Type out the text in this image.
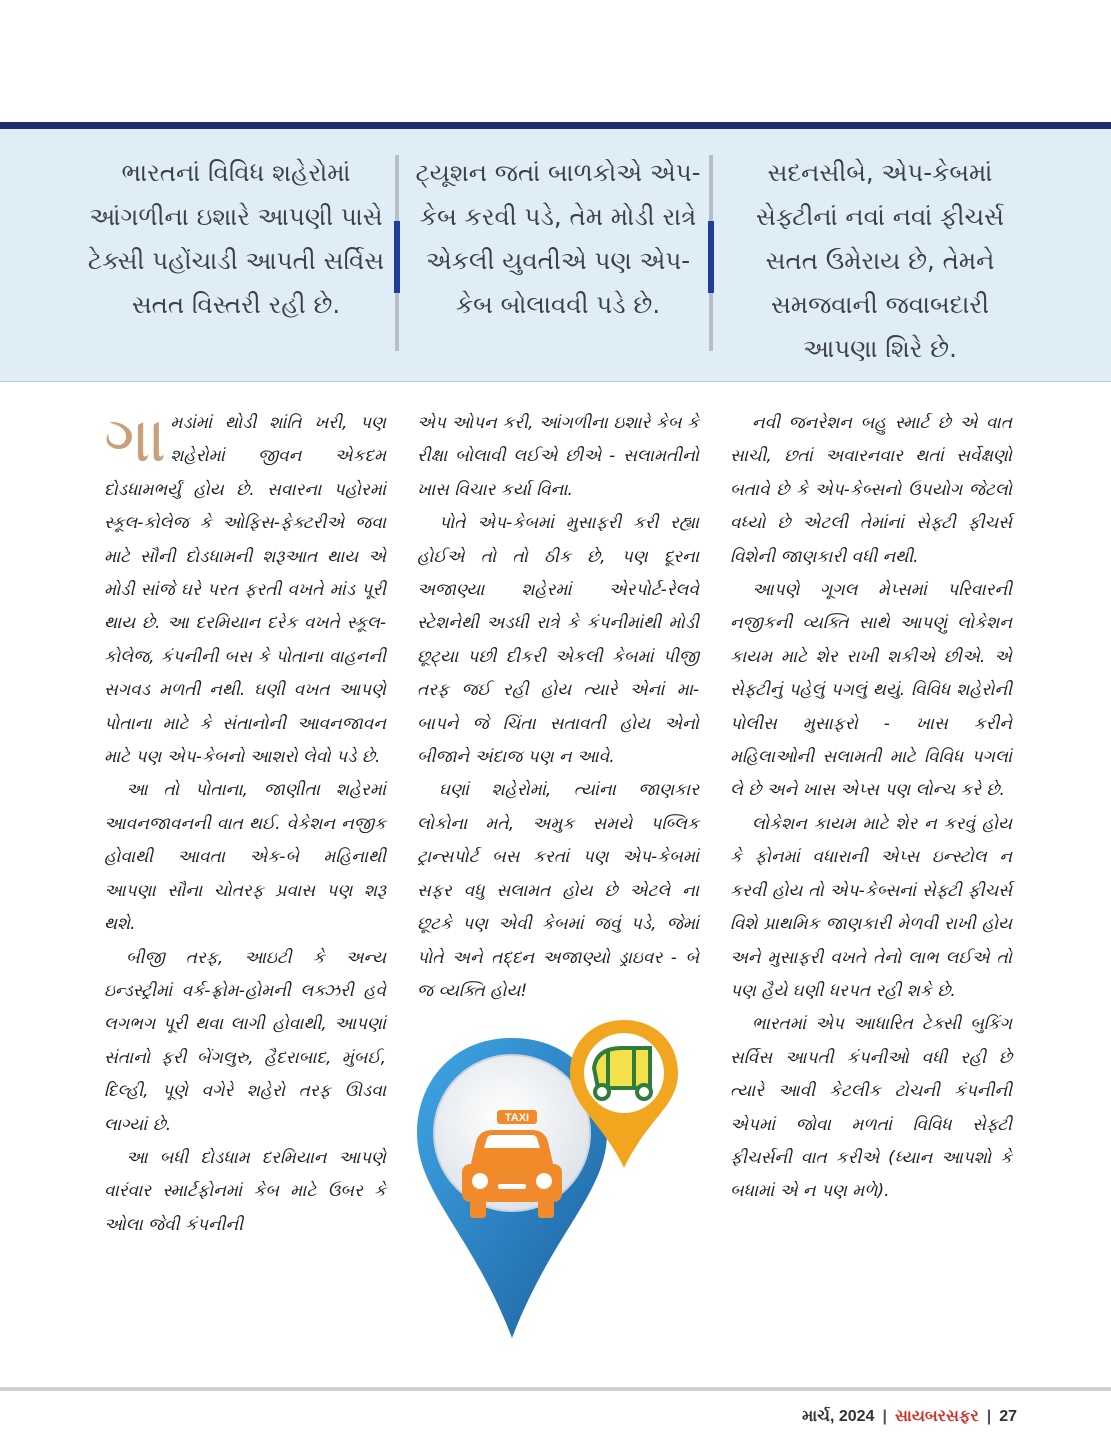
ભારતનાં વિવિધ શહેરોમાં આંગળીના ઇશારે આપણી પાસે ટેક્સી પહોંચાડી આપતી સર્વિસ સતત વિસ્તરી રહી છે.
ટ્યૂશન જતાં બાળકોએ એપ-કેબ કરવી પડે, તેમ મોડી રાત્રે એકલી યુવતીએ પણ એપ-કેબ બોલાવવી પડે છે.
સદનસીબે, એપ-કેબમાં સેફ્ટીનાં નવાં નવાં ફીચર્સ સતત ઉમેરાય છે, તેમને સમજવાની જવાબદારી આપણા શિરે છે.

ગામડાંમાં થોડી શાંતિ ખરી, પણ શહેરોમાં જીવન એકદમ દોડધામભર્યું હોય છે. સવારના પહોરમાં સ્કૂલ-કોલેજ કે ઓફિસ-ફેક્ટરીએ જવા માટે સૌની દોડધામની શરૂઆત થાય એ મોડી સાંજે ઘરે પરત ફરતી વખતે માંડ પૂરી થાય છે. આ દરમિયાન દરેક વખતે સ્કૂલ-કોલેજ, કંપનીની બસ કે પોતાના વાહનની સગવડ મળતી નથી. ઘણી વખત આપણે પોતાના માટે કે સંતાનોની આવનજાવન માટે પણ એપ-કેબનો આશરો લેવો પડે છે.

આ તો પોતાના, જાણીતા શહેરમાં આવનજાવનની વાત થઈ. વેકેશન નજીક હોવાથી આવતા એક-બે મહિનાથી આપણા સૌના ચોતરફ પ્રવાસ પણ શરૂ થશે.

બીજી તરફ, આઇટી કે અન્ય ઇન્ડસ્ટ્રીમાં વર્ક-ફ્રોમ-હોમની લક્ઝરી હવે લગભગ પૂરી થવા લાગી હોવાથી, આપણાં સંતાનો ફરી બેંગલુરુ, હૈદરાબાદ, મુંબઈ, દિલ્હી, પૂણે વગેરે શહેરો તરફ ઊડવા લાગ્યાં છે.

આ બધી દોડધામ દરમિયાન આપણે વારંવાર સ્માર્ટફોનમાં કેબ માટે ઉબર કે ઓલા જેવી કંપનીની

એપ ઓપન કરી, આંગળીના ઇશારે કેબ કે રીક્ષા બોલાવી લઈએ છીએ - સલામતીનો ખાસ વિચાર કર્યા વિના.

પોતે એપ-કેબમાં મુસાફરી કરી રહ્યા હોઈએ તો તો ઠીક છે, પણ દૂરના અજાણ્યા શહેરમાં એરપોર્ટ-રેલવે સ્ટેશનેથી અડધી રાત્રે કે કંપનીમાંથી મોડી છૂટ્યા પછી દીકરી એકલી કેબમાં પીજી તરફ જઈ રહી હોય ત્યારે એનાં મા-બાપને જે ચિંતા સતાવતી હોય એનો બીજાને અંદાજ પણ ન આવે.

ઘણાં શહેરોમાં, ત્યાંના જાણકાર લોકોના મતે, અમુક સમયે પબ્લિક ટ્રાન્સપોર્ટ બસ કરતાં પણ એપ-કેબમાં સફર વધુ સલામત હોય છે એટલે ના છૂટકે પણ એવી કેબમાં જવું પડે, જેમાં પોતે અને તદ્દન અજાણ્યો ડ્રાઇવર - બે જ વ્યક્તિ હોય!

નવી જનરેશન બહુ સ્માર્ટ છે એ વાત સાચી, છતાં અવારનવાર થતાં સર્વેક્ષણો બતાવે છે કે એપ-કેબ્સનો ઉપયોગ જેટલો વધ્યો છે એટલી તેમાંનાં સેફ્ટી ફીચર્સ વિશેની જાણકારી વધી નથી.

આપણે ગૂગલ મેપ્સમાં પરિવારની નજીકની વ્યક્તિ સાથે આપણું લોકેશન કાયમ માટે શેર રાખી શકીએ છીએ. એ સેફ્ટીનું પહેલું પગલું થયું. વિવિધ શહેરોની પોલીસ મુસાફરો - ખાસ કરીને મહિલાઓની સલામતી માટે વિવિધ પગલાં લે છે અને ખાસ એપ્સ પણ લોન્ચ કરે છે.

લોકેશન કાયમ માટે શેર ન કરવું હોય કે ફોનમાં વધારાની એપ્સ ઇન્સ્ટોલ ન કરવી હોય તો એપ-કેબ્સનાં સેફ્ટી ફીચર્સ વિશે પ્રાથમિક જાણકારી મેળવી રાખી હોય અને મુસાફરી વખતે તેનો લાભ લઈએ તો પણ હૈયે ઘણી ધરપત રહી શકે છે.

ભારતમાં એપ આધારિત ટેક્સી બુકિંગ સર્વિસ આપતી કંપનીઓ વધી રહી છે ત્યારે આવી કેટલીક ટોચની કંપનીની એપમાં જોવા મળતાં વિવિધ સેફ્ટી ફીચર્સની વાત કરીએ (ધ્યાન આપશો કે બધામાં એ ન પણ મળે).

TAXI
માર્ચ, 2024 | સાયબરસફર | 27
